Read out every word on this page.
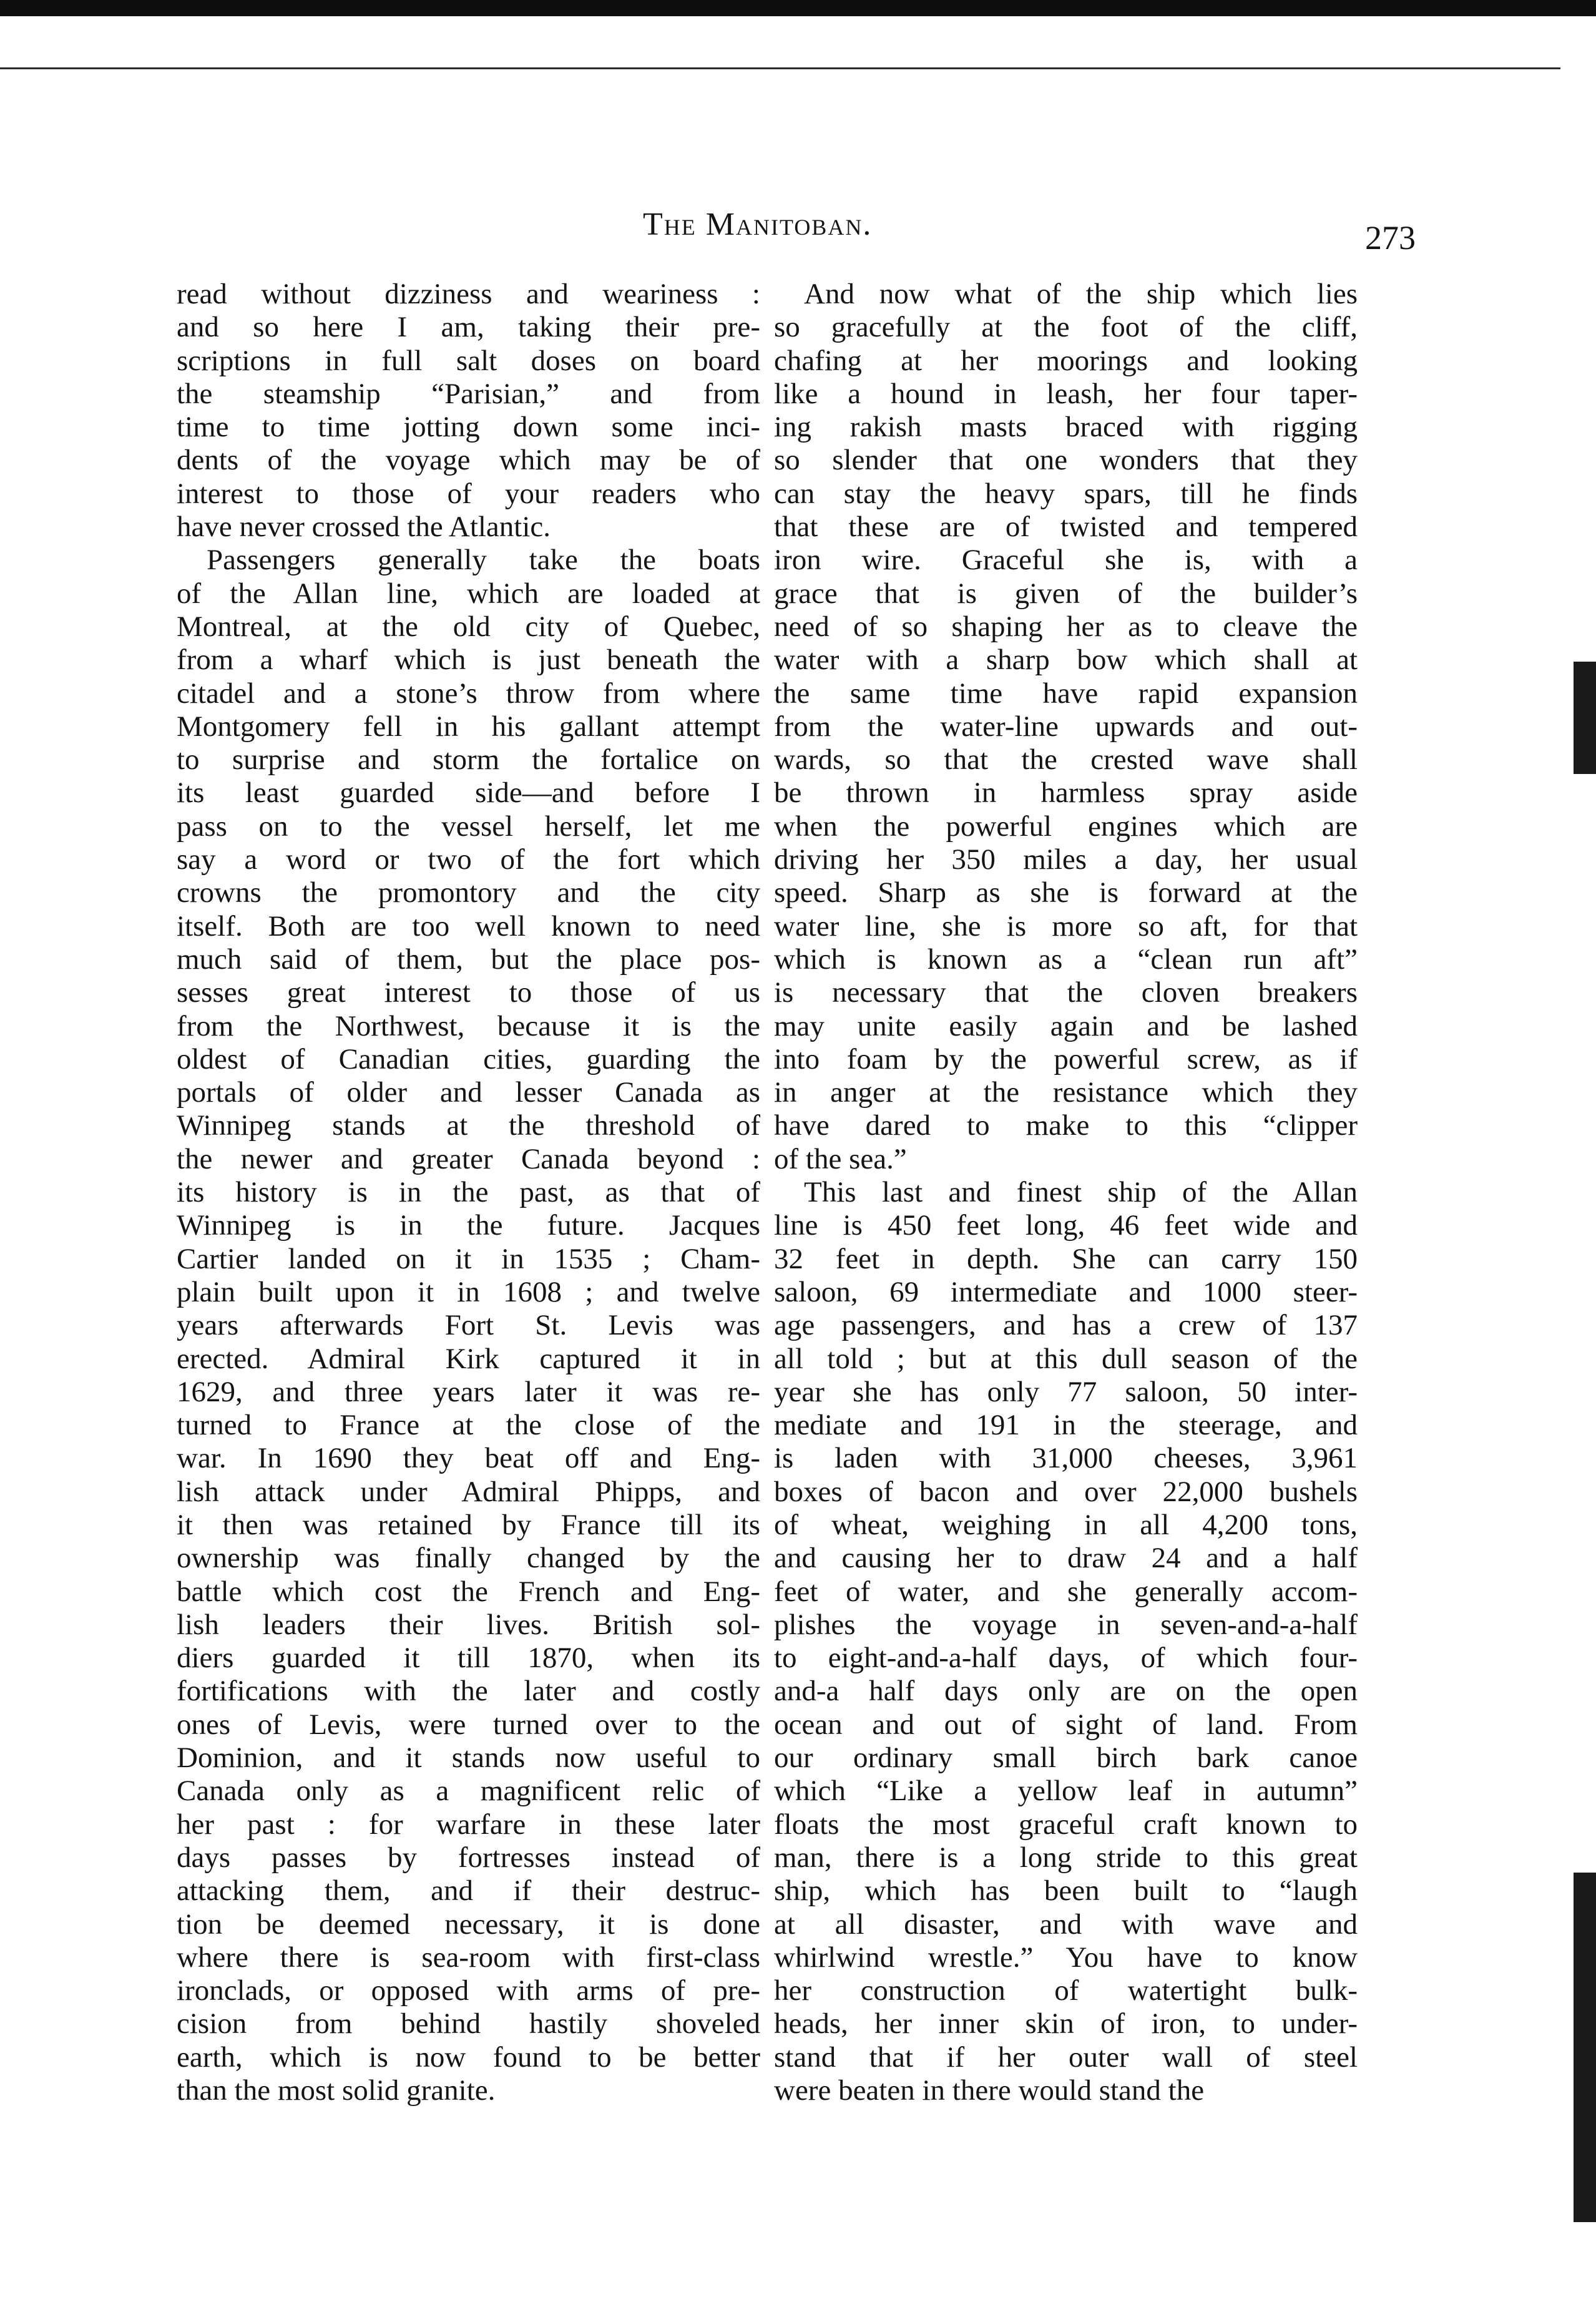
The Manitoban.	273
read without dizziness and weariness :
and so here I am, taking their pre-
scriptions in full salt doses on board
the steamship “Parisian,” and from
time to time jotting down some inci-
dents of the voyage which may be of
interest to those of your readers who
have never crossed the Atlantic.
Passengers generally take the boats
of the Allan line, which are loaded at
Montreal, at the old city of Quebec,
from a wharf which is just beneath the
citadel and a stone’s throw from where
Montgomery fell in his gallant attempt
to surprise and storm the fortalice on
its least guarded side—and before I
pass on to the vessel herself, let me
say a word or two of the fort which
crowns the promontory and the city
itself. Both are too well known to need
much said of them, but the place pos-
sesses great interest to those of us
from the Northwest, because it is the
oldest of Canadian cities, guarding the
portals of older and lesser Canada as
Winnipeg stands at the threshold of
the newer and greater Canada beyond :
its history is in the past, as that of
Winnipeg is in the future. Jacques
Cartier landed on it in 1535 ; Cham-
plain built upon it in 1608 ; and twelve
years afterwards Fort St. Levis was
erected. Admiral Kirk captured it in
1629, and three years later it was re-
turned to France at the close of the
war. In 1690 they beat off and Eng-
lish attack under Admiral Phipps, and
it then was retained by France till its
ownership was finally changed by the
battle which cost the French and Eng-
lish leaders their lives. British sol-
diers guarded it till 1870, when its
fortifications with the later and costly
ones of Levis, were turned over to the
Dominion, and it stands now useful to
Canada only as a magnificent relic of
her past : for warfare in these later
days passes by fortresses instead of
attacking them, and if their destruc-
tion be deemed necessary, it is done
where there is sea-room with first-class
ironclads, or opposed with arms of pre-
cision from behind hastily shoveled
earth, which is now found to be better
than the most solid granite.
And now what of the ship which lies
so gracefully at the foot of the cliff,
chafing at her moorings and looking
like a hound in leash, her four taper-
ing rakish masts braced with rigging
so slender that one wonders that they
can stay the heavy spars, till he finds
that these are of twisted and tempered
iron wire. Graceful she is, with a
grace that is given of the builder’s
need of so shaping her as to cleave the
water with a sharp bow which shall at
the same time have rapid expansion
from the water-line upwards and out-
wards, so that the crested wave shall
be thrown in harmless spray aside
when the powerful engines which are
driving her 350 miles a day, her usual
speed. Sharp as she is forward at the
water line, she is more so aft, for that
which is known as a “clean run aft”
is necessary that the cloven breakers
may unite easily again and be lashed
into foam by the powerful screw, as if
in anger at the resistance which they
have dared to make to this “clipper
of the sea.”
This last and finest ship of the Allan
line is 450 feet long, 46 feet wide and
32 feet in depth. She can carry 150
saloon, 69 intermediate and 1000 steer-
age passengers, and has a crew of 137
all told ; but at this dull season of the
year she has only 77 saloon, 50 inter-
mediate and 191 in the steerage, and
is laden with 31,000 cheeses, 3,961
boxes of bacon and over 22,000 bushels
of wheat, weighing in all 4,200 tons,
and causing her to draw 24 and a half
feet of water, and she generally accom-
plishes the voyage in seven-and-a-half
to eight-and-a-half days, of which four-
and-a half days only are on the open
ocean and out of sight of land. From
our ordinary small birch bark canoe
which “Like a yellow leaf in autumn”
floats the most graceful craft known to
man, there is a long stride to this great
ship, which has been built to “laugh
at all disaster, and with wave and
whirlwind wrestle.” You have to know
her construction of watertight bulk-
heads, her inner skin of iron, to under-
stand that if her outer wall of steel
were beaten in there would stand the
